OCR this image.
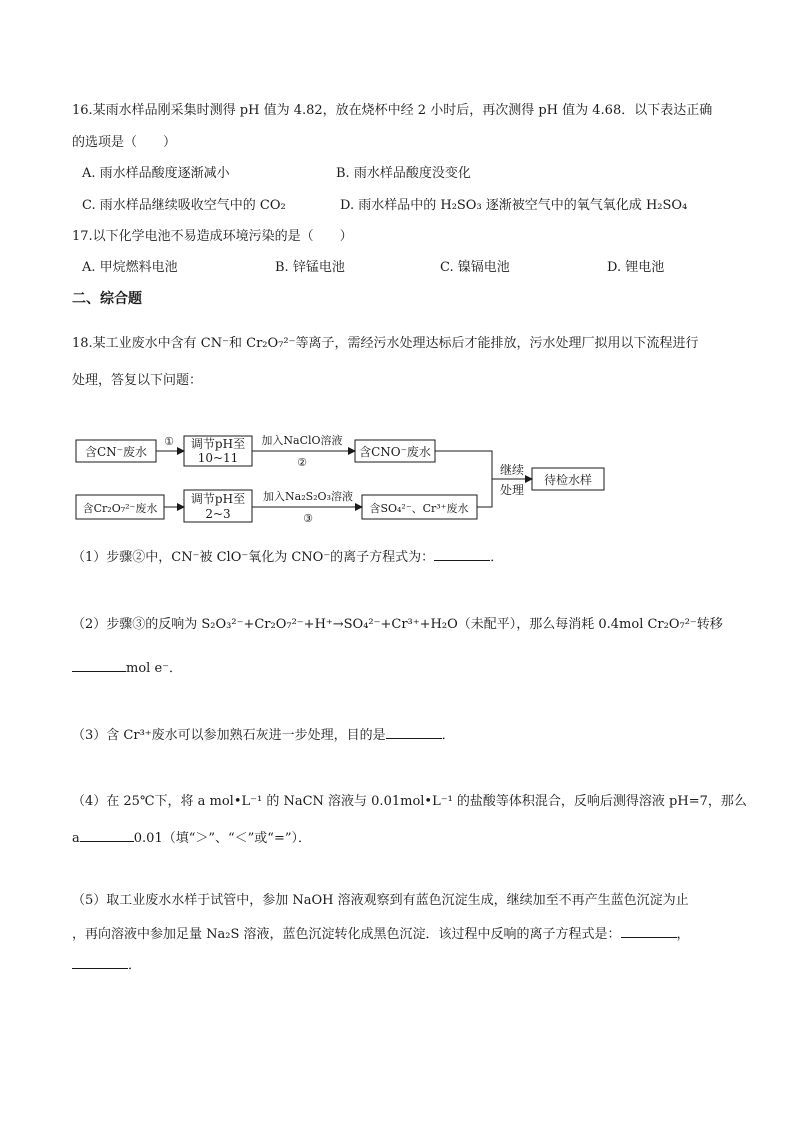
16.某雨水样品刚采集时测得 pH 值为 4.82，放在烧杯中经 2 小时后，再次测得 pH 值为 4.68．以下表达正确
的选项是（　　）
A. 雨水样品酸度逐渐减小	B. 雨水样品酸度没变化
C. 雨水样品继续吸收空气中的 CO₂	D. 雨水样品中的 H₂SO₃ 逐渐被空气中的氧气氧化成 H₂SO₄
17.以下化学电池不易造成环境污染的是（　　）
A. 甲烷燃料电池	B. 锌锰电池	C. 镍镉电池	D. 锂电池
二、综合题
18.某工业废水中含有 CN⁻和 Cr₂O₇²⁻等离子，需经污水处理达标后才能排放，污水处理厂拟用以下流程进行
处理，答复以下问题：
含CN⁻废水
① 调节pH至
10~11
加入NaClO溶液
②
含CNO⁻废水
含Cr₂O₇²⁻废水
调节pH至
2~3
加入Na₂S₂O₃溶液
③
含SO₄²⁻、Cr³⁺废水
继续
处理
待检水样
（1）步骤②中，CN⁻被 ClO⁻氧化为 CNO⁻的离子方程式为：	．
（2）步骤③的反响为 S₂O₃²⁻+Cr₂O₇²⁻+H⁺→SO₄²⁻+Cr³⁺+H₂O（未配平），那么每消耗 0.4mol Cr₂O₇²⁻转移
mol e⁻．
（3）含 Cr³⁺废水可以参加熟石灰进一步处理，目的是	．
（4）在 25℃下，将 a mol•L⁻¹ 的 NaCN 溶液与 0.01mol•L⁻¹ 的盐酸等体积混合，反响后测得溶液 pH=7，那么
a	0.01（填“＞”、“＜”或“=”）．
（5）取工业废水水样于试管中，参加 NaOH 溶液观察到有蓝色沉淀生成，继续加至不再产生蓝色沉淀为止
，再向溶液中参加足量 Na₂S 溶液，蓝色沉淀转化成黑色沉淀．该过程中反响的离子方程式是：	，
．
